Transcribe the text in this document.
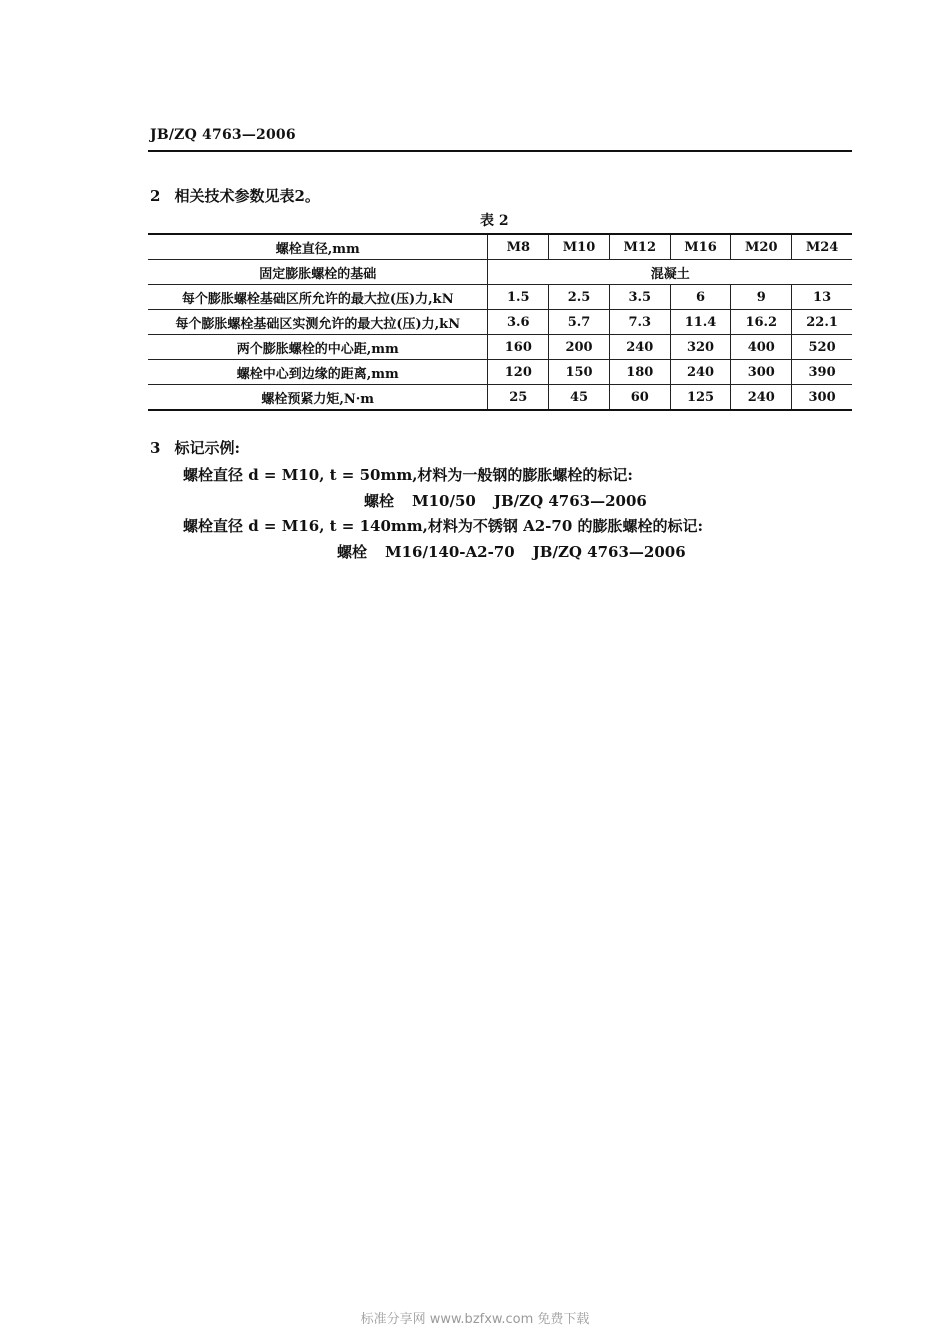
JB/ZQ 4763—2006
2 相关技术参数见表2。
表 2
螺栓直径,mm	M8	M10	M12	M16	M20	M24
固定膨胀螺栓的基础	混凝土					
每个膨胀螺栓基础区所允许的最大拉(压)力,kN	1.5	2.5	3.5	6	9	13
每个膨胀螺栓基础区实测允许的最大拉(压)力,kN	3.6	5.7	7.3	11.4	16.2	22.1
两个膨胀螺栓的中心距,mm	160	200	240	320	400	520
螺栓中心到边缘的距离,mm	120	150	180	240	300	390
螺栓预紧力矩,N·m	25	45	60	125	240	300
3 标记示例:
螺栓直径 d = M10, t = 50mm,材料为一般钢的膨胀螺栓的标记:
螺栓 M10/50 JB/ZQ 4763—2006
螺栓直径 d = M16, t = 140mm,材料为不锈钢 A2-70 的膨胀螺栓的标记:
螺栓 M16/140-A2-70 JB/ZQ 4763—2006
标准分享网 www.bzfxw.com 免费下载
